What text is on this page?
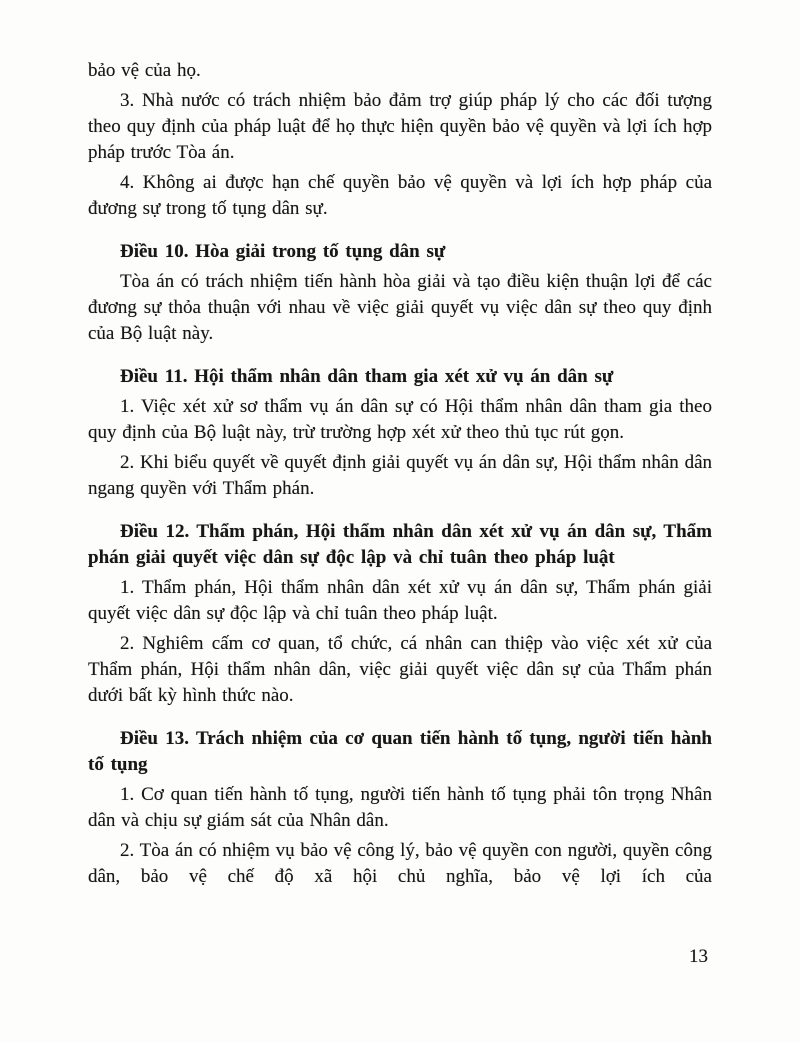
bảo vệ của họ.

3. Nhà nước có trách nhiệm bảo đảm trợ giúp pháp lý cho các đối tượng theo quy định của pháp luật để họ thực hiện quyền bảo vệ quyền và lợi ích hợp pháp trước Tòa án.

4. Không ai được hạn chế quyền bảo vệ quyền và lợi ích hợp pháp của đương sự trong tố tụng dân sự.

Điều 10. Hòa giải trong tố tụng dân sự

Tòa án có trách nhiệm tiến hành hòa giải và tạo điều kiện thuận lợi để các đương sự thỏa thuận với nhau về việc giải quyết vụ việc dân sự theo quy định của Bộ luật này.

Điều 11. Hội thẩm nhân dân tham gia xét xử vụ án dân sự

1. Việc xét xử sơ thẩm vụ án dân sự có Hội thẩm nhân dân tham gia theo quy định của Bộ luật này, trừ trường hợp xét xử theo thủ tục rút gọn.

2. Khi biểu quyết về quyết định giải quyết vụ án dân sự, Hội thẩm nhân dân ngang quyền với Thẩm phán.

Điều 12. Thẩm phán, Hội thẩm nhân dân xét xử vụ án dân sự, Thẩm phán giải quyết việc dân sự độc lập và chỉ tuân theo pháp luật

1. Thẩm phán, Hội thẩm nhân dân xét xử vụ án dân sự, Thẩm phán giải quyết việc dân sự độc lập và chỉ tuân theo pháp luật.

2. Nghiêm cấm cơ quan, tổ chức, cá nhân can thiệp vào việc xét xử của Thẩm phán, Hội thẩm nhân dân, việc giải quyết việc dân sự của Thẩm phán dưới bất kỳ hình thức nào.

Điều 13. Trách nhiệm của cơ quan tiến hành tố tụng, người tiến hành tố tụng

1. Cơ quan tiến hành tố tụng, người tiến hành tố tụng phải tôn trọng Nhân dân và chịu sự giám sát của Nhân dân.

2. Tòa án có nhiệm vụ bảo vệ công lý, bảo vệ quyền con người, quyền công dân, bảo vệ chế độ xã hội chủ nghĩa, bảo vệ lợi ích của

13
